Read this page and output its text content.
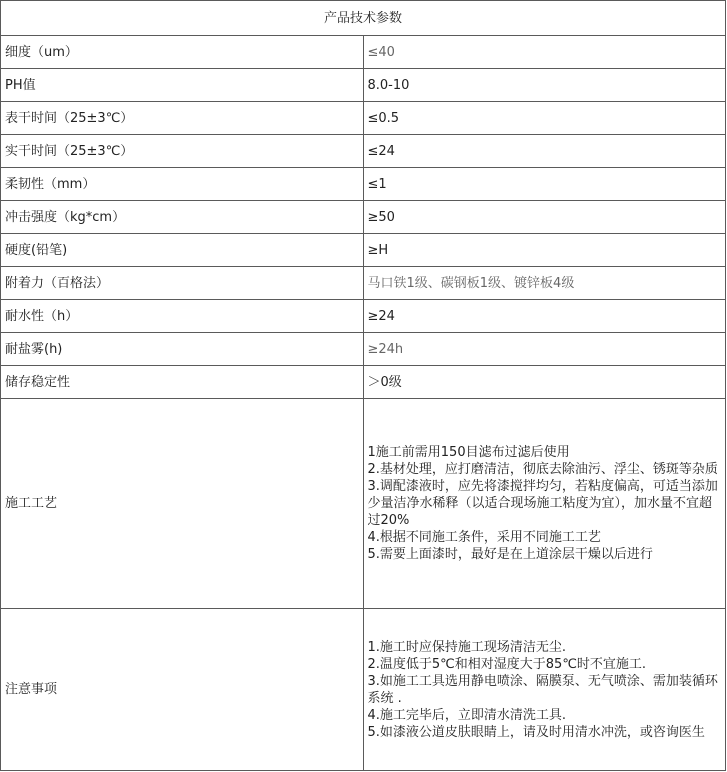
产品技术参数	
细度（um）	≤40
PH值	8.0-10
表干时间（25±3℃）	≤0.5
实干时间（25±3℃）	≤24
柔韧性（mm）	≤1
冲击强度（kg*cm）	≥50
硬度(铅笔)	≥H
附着力（百格法）	马口铁1级、碳钢板1级、镀锌板4级
耐水性（h）	≥24
耐盐雾(h)	≥24h
储存稳定性	＞0级
施工工艺	1施工前需用150目滤布过滤后使用
2.基材处理，应打磨清洁，彻底去除油污、浮尘、锈斑等杂质
3.调配漆液时，应先将漆搅拌均匀，若粘度偏高，可适当添加少量洁净水稀释（以适合现场施工粘度为宜），加水量不宜超过20%
4.根据不同施工条件，采用不同施工工艺
5.需要上面漆时，最好是在上道涂层干燥以后进行

注意事项	1.施工时应保持施工现场清洁无尘.
2.温度低于5℃和相对湿度大于85℃时不宜施工.
3.如施工工具选用静电喷涂、隔膜泵、无气喷涂、需加装循环系统 .
4.施工完毕后，立即清水清洗工具.
5.如漆液公道皮肤眼睛上，请及时用清水冲洗，或咨询医生
